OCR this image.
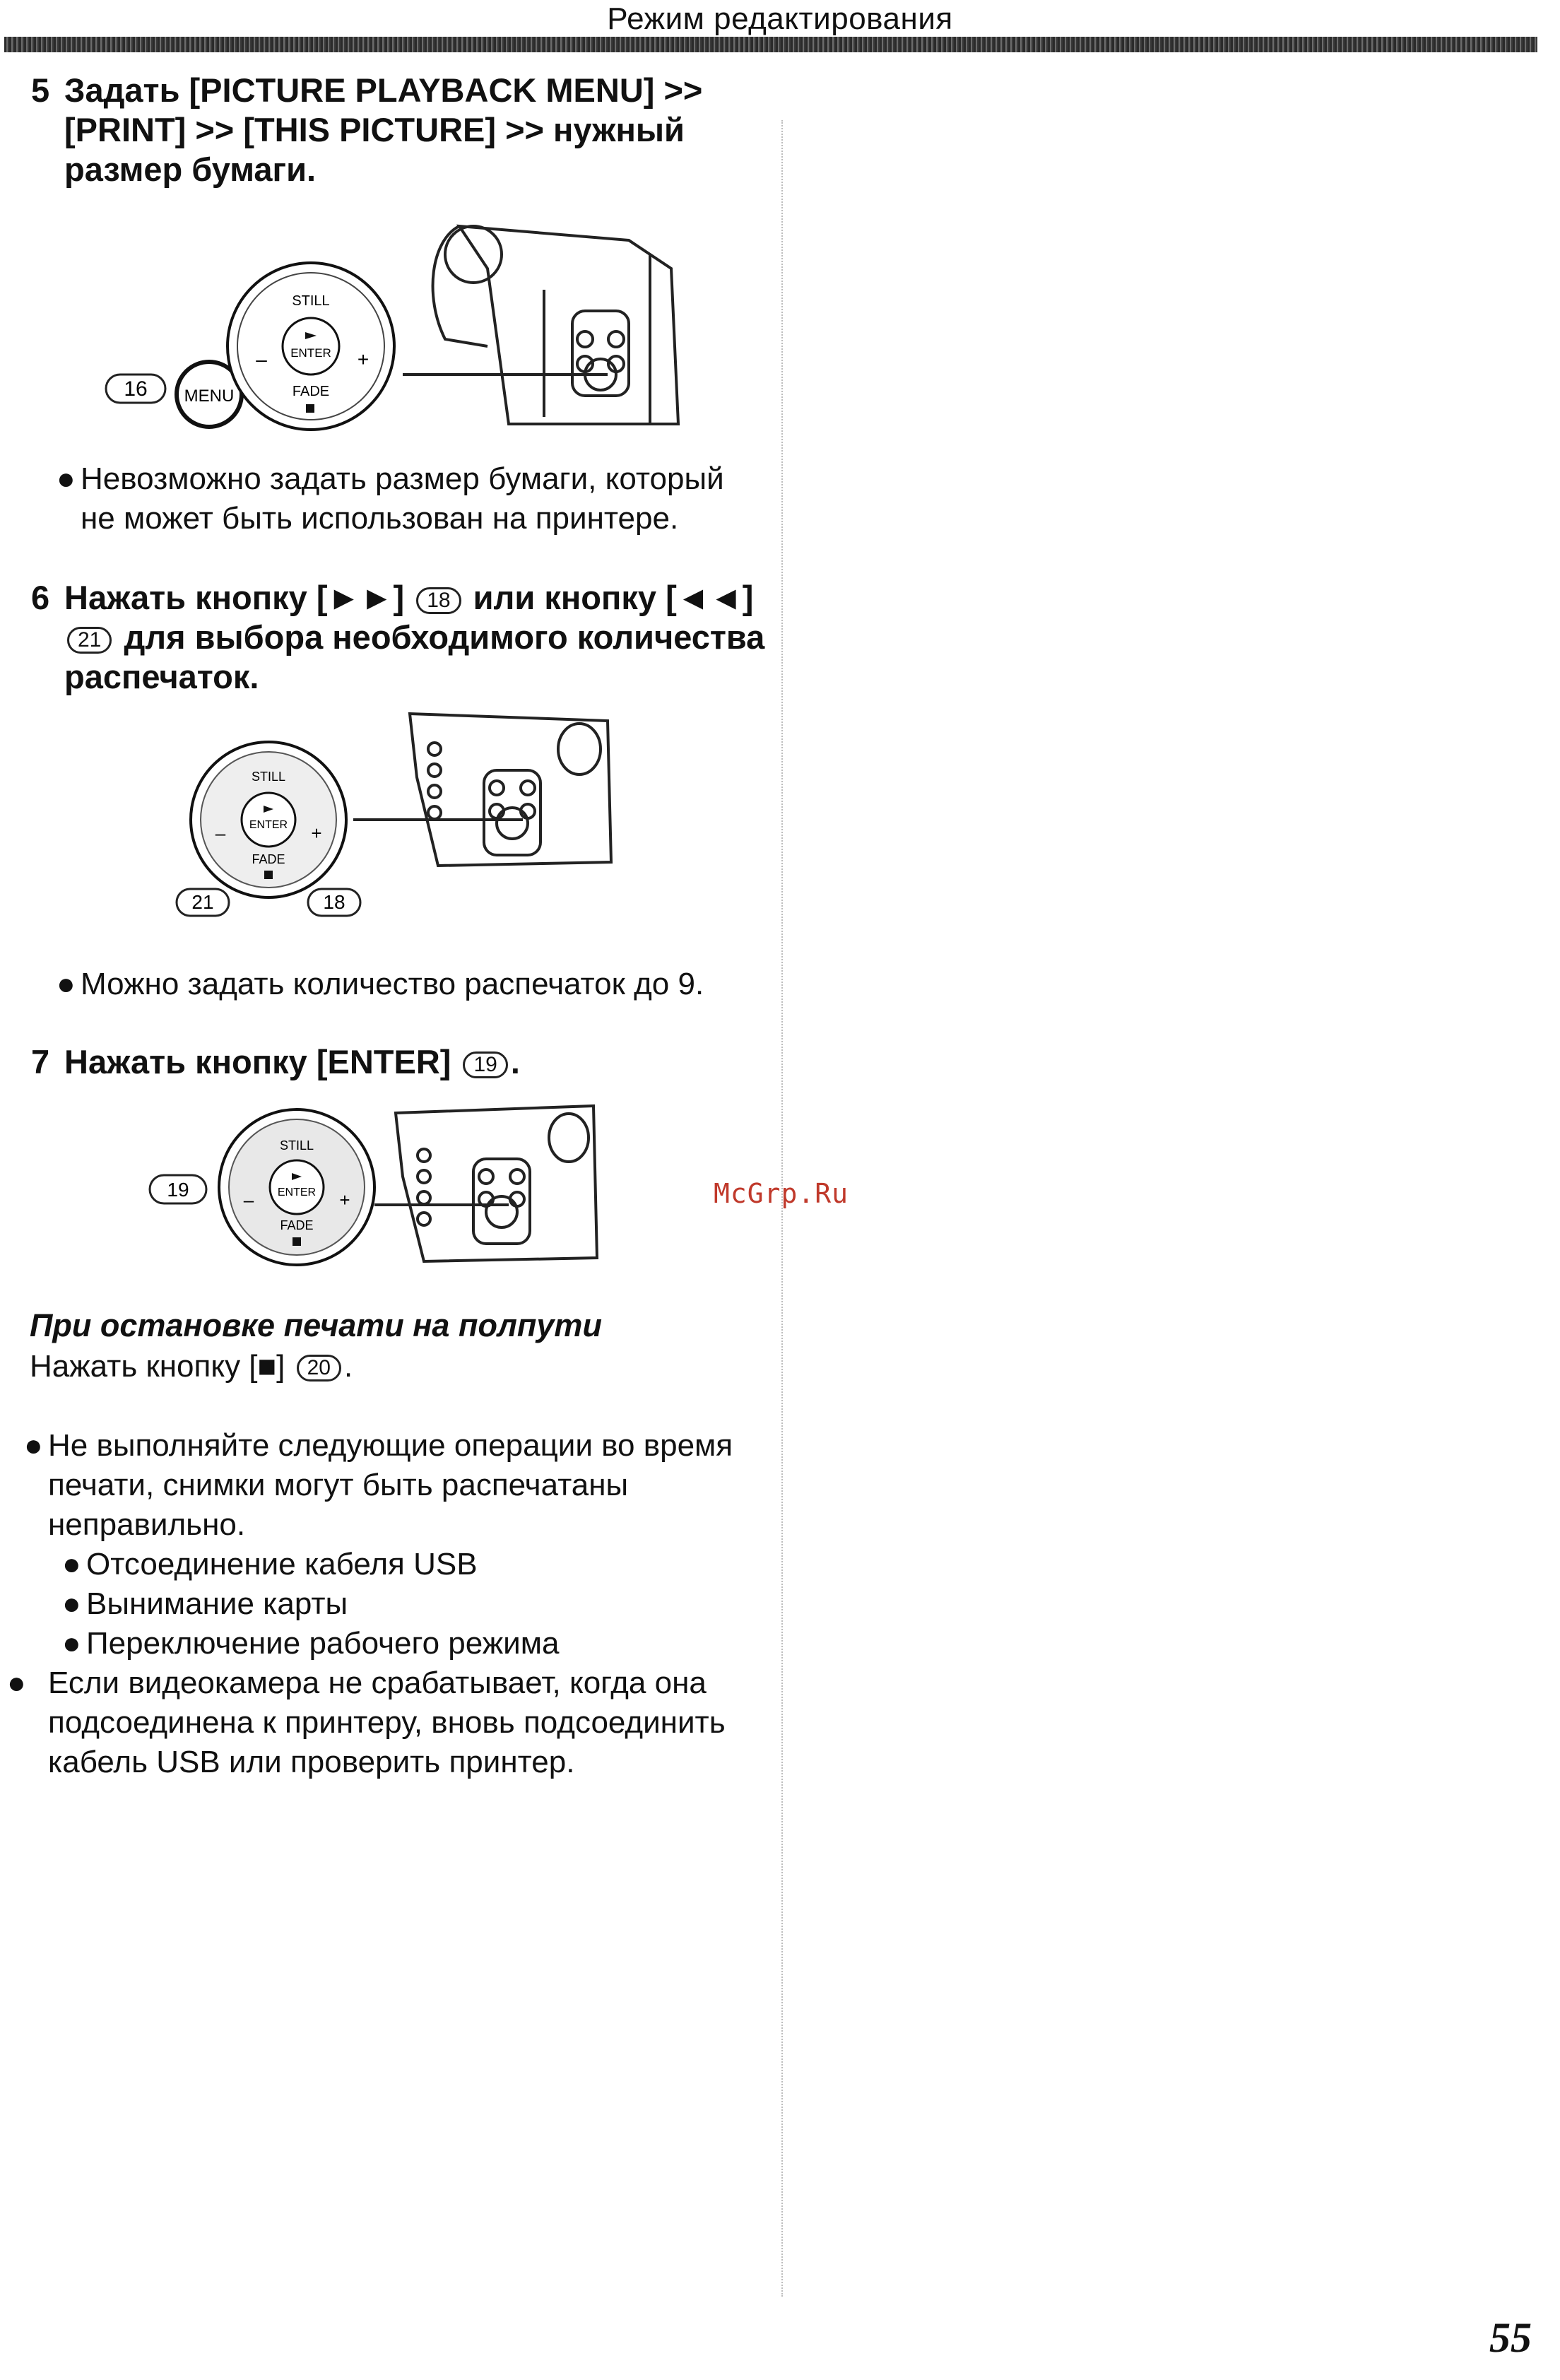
Режим редактирования
5 Задать [PICTURE PLAYBACK MENU] >> [PRINT] >> [THIS PICTURE] >> нужный размер бумаги.
16 MENU
STILL
ENTER
FADE
–	+
● Невозможно задать размер бумаги, который не может быть использован на принтере.
6 Нажать кнопку [►►] 18 или кнопку [◄◄] 21 для выбора необходимого количества распечаток.
STILL
ENTER
FADE
–	+
21	18
● Можно задать количество распечаток до 9.
7 Нажать кнопку [ENTER] 19 .
19
STILL
ENTER
FADE
–	+	McGrp.Ru
При остановке печати на полпути
Нажать кнопку [■] 20 .
● Не выполняйте следующие операции во время печати, снимки могут быть распечатаны неправильно.
● Отсоединение кабеля USB
● Вынимание карты
● Переключение рабочего режима
● Если видеокамера не срабатывает, когда она подсоединена к принтеру, вновь подсоединить кабель USB или проверить принтер.
55
